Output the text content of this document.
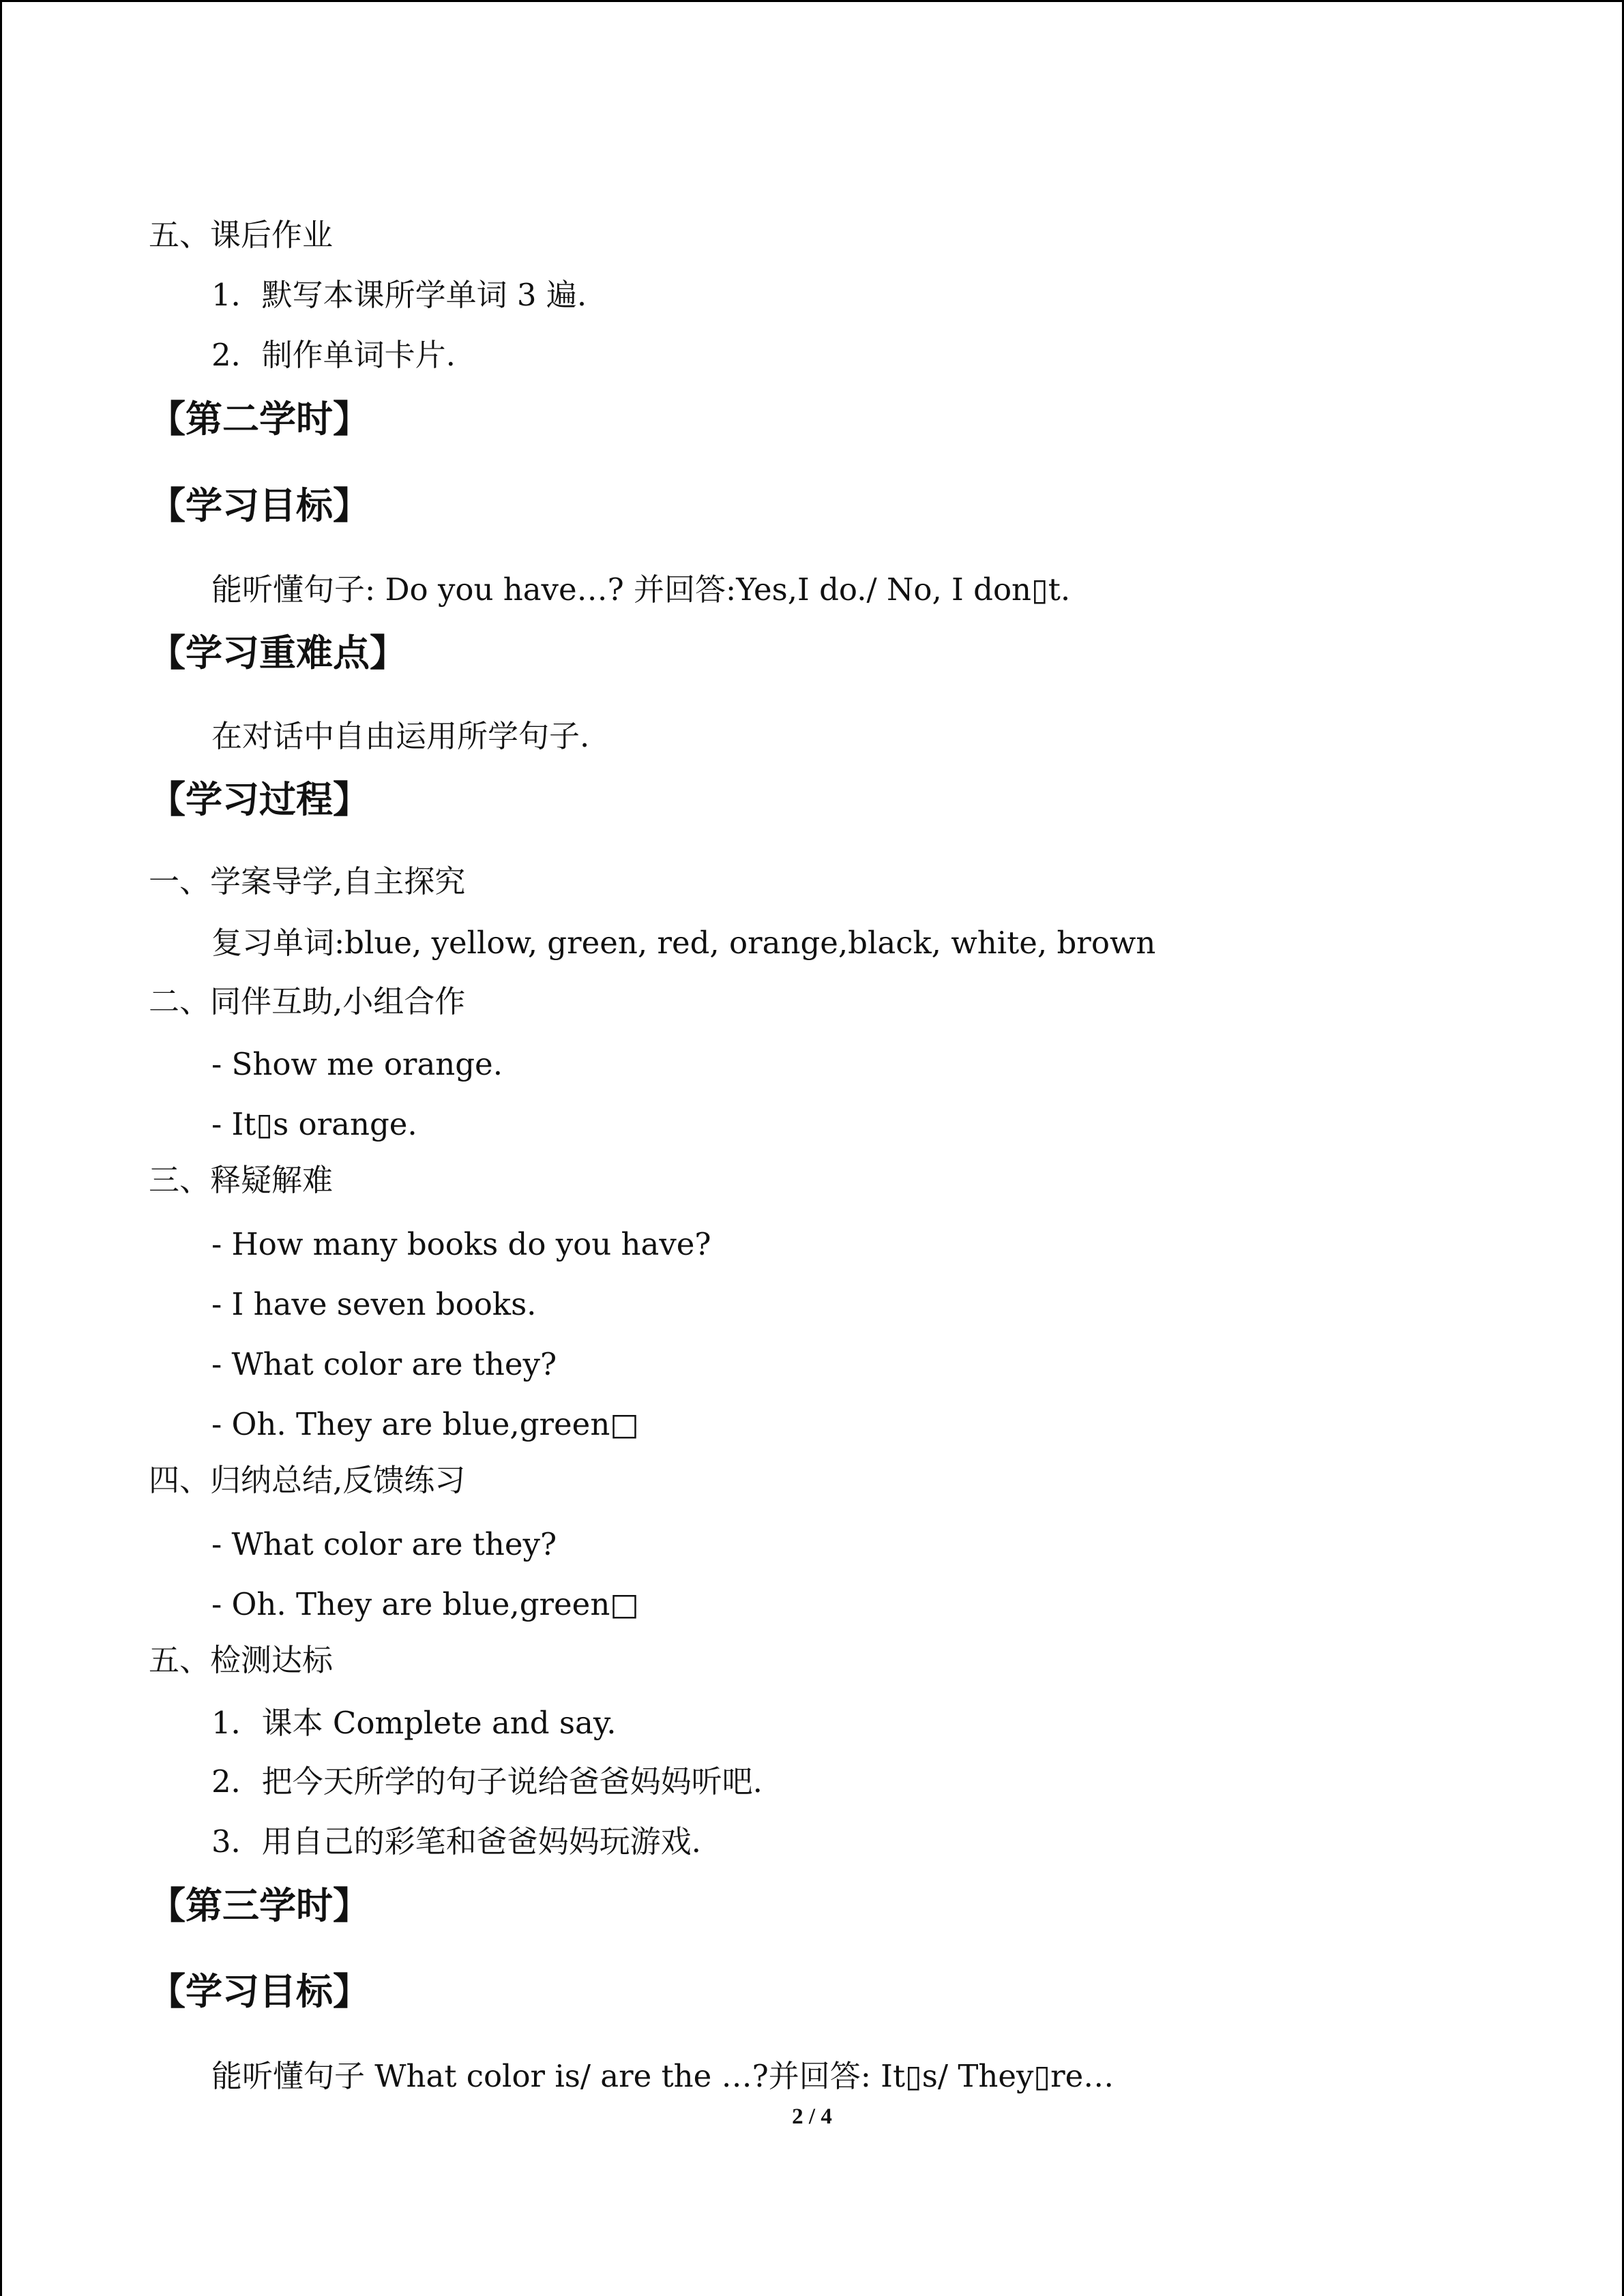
五、课后作业
1．默写本课所学单词 3 遍.
2．制作单词卡片.
【第二学时】
【学习目标】
能听懂句子: Do you have…? 并回答:Yes,I do./ No, I don▯t.
【学习重难点】
在对话中自由运用所学句子.
【学习过程】
一、学案导学,自主探究
复习单词:blue, yellow, green, red, orange,black, white, brown
二、同伴互助,小组合作
- Show me orange.
- It▯s orange.
三、释疑解难
- How many books do you have?
- I have seven books.
- What color are they?
- Oh. They are blue,green□
四、归纳总结,反馈练习
- What color are they?
- Oh. They are blue,green□
五、检测达标
1．课本 Complete and say.
2．把今天所学的句子说给爸爸妈妈听吧.
3．用自己的彩笔和爸爸妈妈玩游戏.
【第三学时】
【学习目标】
能听懂句子 What color is/ are the …?并回答: It▯s/ They▯re…
2 / 4
